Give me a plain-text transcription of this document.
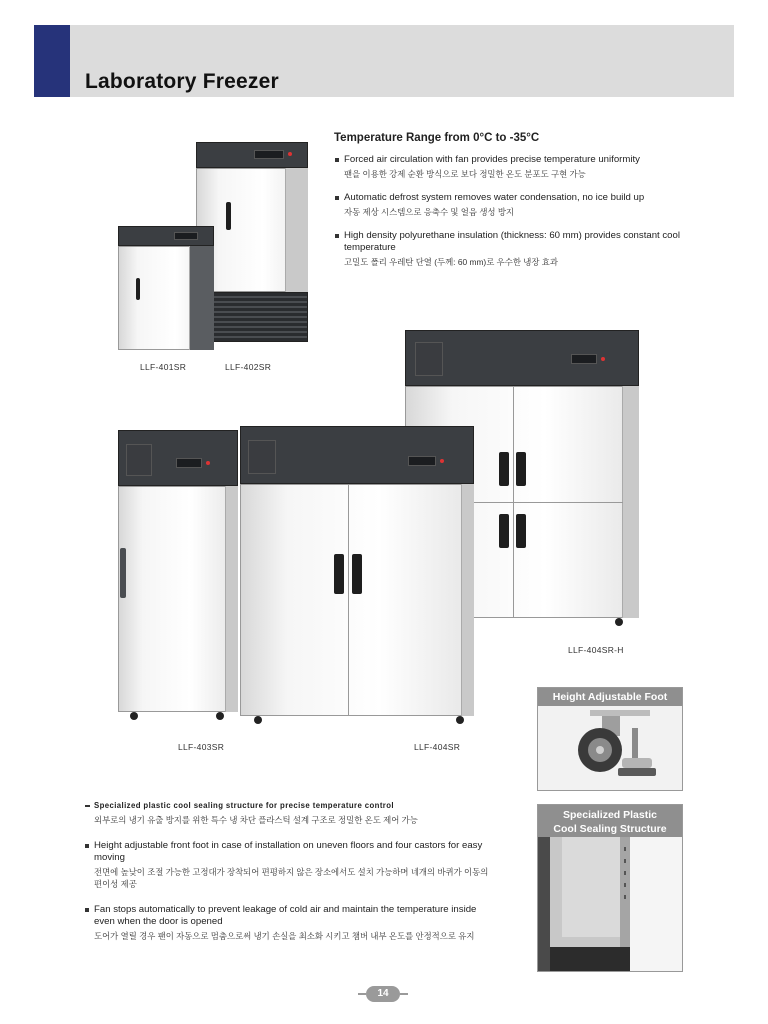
Laboratory Freezer
Temperature Range from 0°C to -35°C
Forced air circulation with fan provides precise temperature uniformity
팬을 이용한 강제 순환 방식으로 보다 정밀한 온도 분포도 구현 가능
Automatic defrost system removes water condensation, no ice build up
자동 제상 시스템으로 응축수 및 얼음 생성 방지
High density polyurethane insulation (thickness: 60 mm) provides constant cool temperature
고밀도 폴리 우레탄 단열 (두께: 60 mm)로 우수한 냉장 효과
LLF-401SR	LLF-402SR
LLF-404SR-H
LLF-403SR	LLF-404SR
Height Adjustable Foot
Specialized Plastic
Cool Sealing Structure
Specialized plastic cool sealing structure for precise temperature control
외부로의 냉기 유출 방지를 위한 특수 냉 차단 플라스틱 설계 구조로 정밀한 온도 제어 가능
Height adjustable front foot in case of installation on uneven floors and four castors for easy moving
전면에 높낮이 조절 가능한 고정대가 장착되어 편평하지 않은 장소에서도 설치 가능하며 네개의 바퀴가 이동의 편이성 제공
Fan stops automatically to prevent leakage of cold air and maintain the temperature inside even when the door is opened
도어가 열릴 경우 팬이 자동으로 멈춤으로써 냉기 손실을 최소화 시키고 챔버 내부 온도를 안정적으로 유지
14
